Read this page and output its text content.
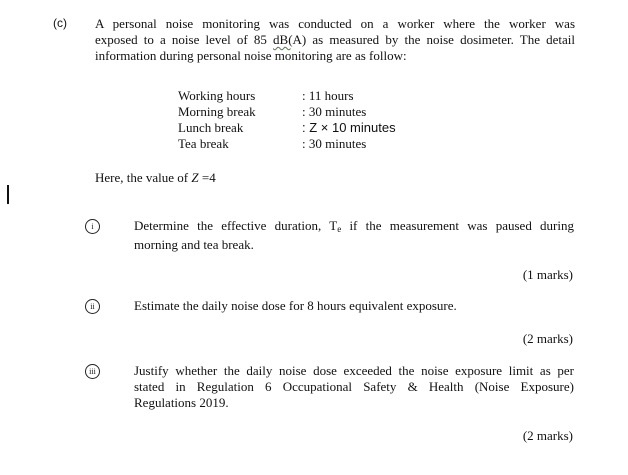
(c) A personal noise monitoring was conducted on a worker where the worker was
exposed to a noise level of 85 dB(A) as measured by the noise dosimeter. The detail
information during personal noise monitoring are as follow:
Working hours	: 11 hours
Morning break	: 30 minutes
Lunch break	: Z × 10 minutes
Tea break	: 30 minutes
Here, the value of Z =4
i	Determine the effective duration, $T_e$ if the measurement was paused during
morning and tea break.
(1 marks)
ii	Estimate the daily noise dose for 8 hours equivalent exposure.
(2 marks)
iii	Justify whether the daily noise dose exceeded the noise exposure limit as per
stated in Regulation 6 Occupational Safety & Health (Noise Exposure)
Regulations 2019.
(2 marks)
